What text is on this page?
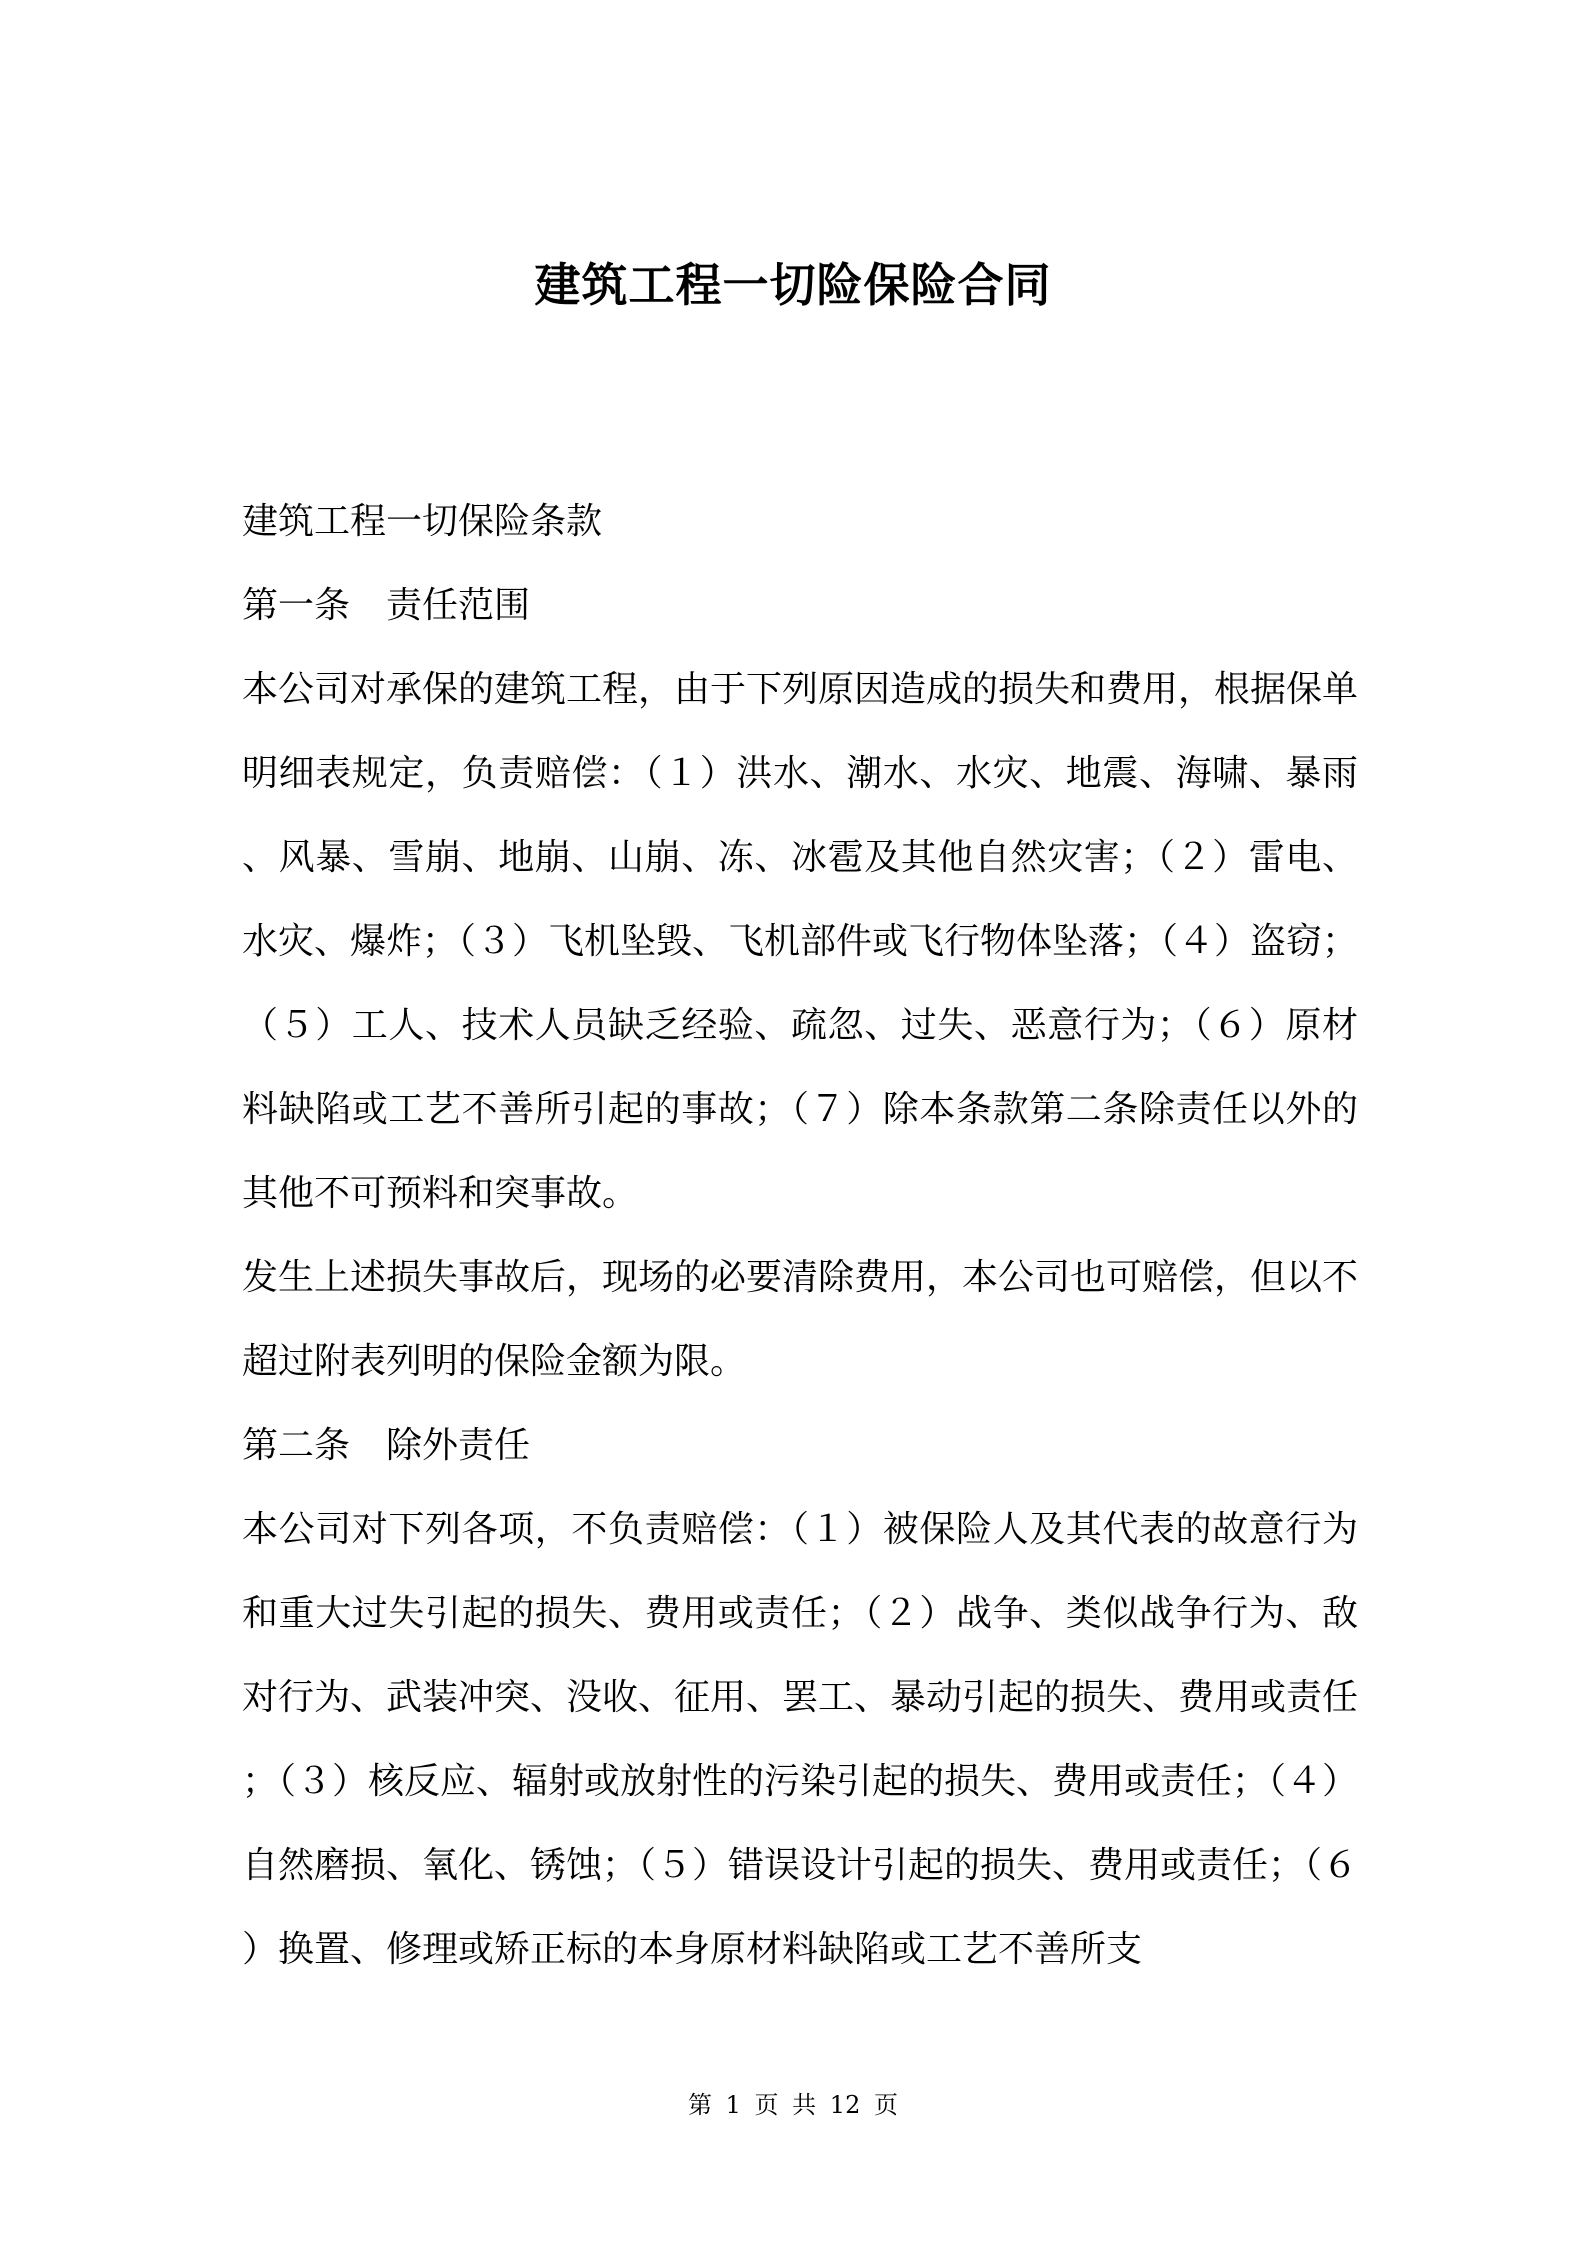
建筑工程一切险保险合同

建筑工程一切保险条款

第一条 责任范围

本公司对承保的建筑工程，由于下列原因造成的损失和费用，根据保单明细表规定，负责赔偿：（１）洪水、潮水、水灾、地震、海啸、暴雨、风暴、雪崩、地崩、山崩、冻、冰雹及其他自然灾害；（２）雷电、水灾、爆炸；（３）飞机坠毁、飞机部件或飞行物体坠落；（４）盗窃；（５）工人、技术人员缺乏经验、疏忽、过失、恶意行为；（６）原材料缺陷或工艺不善所引起的事故；（７）除本条款第二条除责任以外的其他不可预料和突事故。

发生上述损失事故后，现场的必要清除费用，本公司也可赔偿，但以不超过附表列明的保险金额为限。

第二条 除外责任

本公司对下列各项，不负责赔偿：（１）被保险人及其代表的故意行为和重大过失引起的损失、费用或责任；（２）战争、类似战争行为、敌对行为、武装冲突、没收、征用、罢工、暴动引起的损失、费用或责任；（３）核反应、辐射或放射性的污染引起的损失、费用或责任；（４）自然磨损、氧化、锈蚀；（５）错误设计引起的损失、费用或责任；（６）换置、修理或矫正标的本身原材料缺陷或工艺不善所支

第 1 页 共 12 页
